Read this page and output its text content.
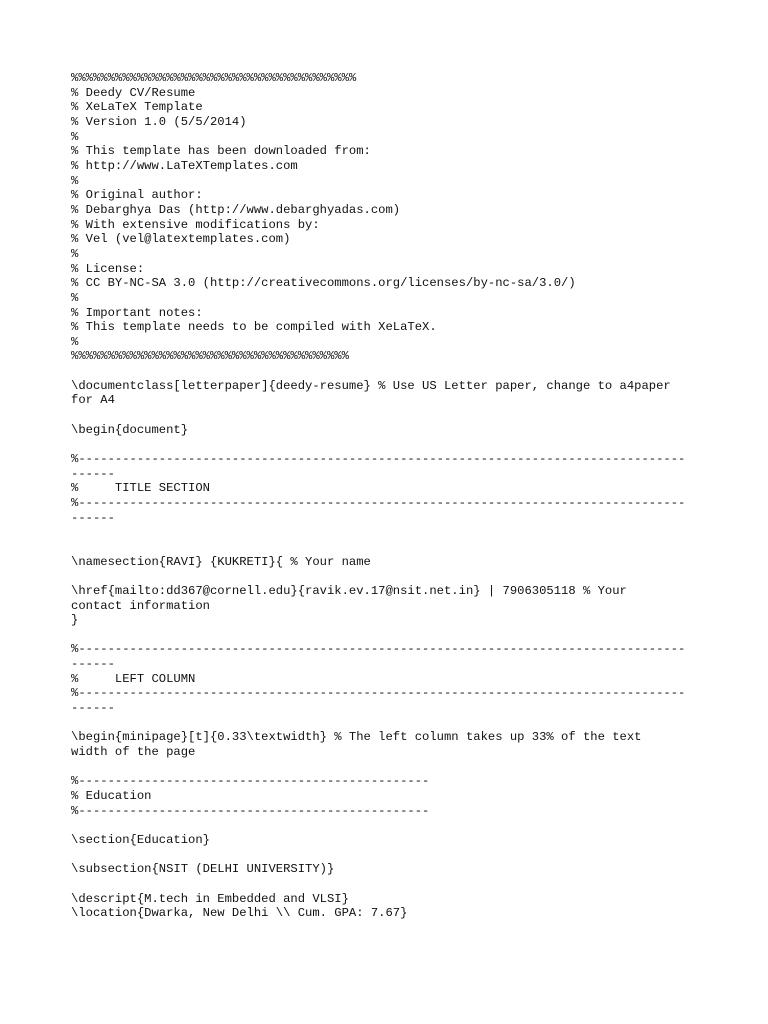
%%%%%%%%%%%%%%%%%%%%%%%%%%%%%%%%%%%%%%%
% Deedy CV/Resume
% XeLaTeX Template
% Version 1.0 (5/5/2014)
%
% This template has been downloaded from:
% http://www.LaTeXTemplates.com
%
% Original author:
% Debarghya Das (http://www.debarghyadas.com)
% With extensive modifications by:
% Vel (vel@latextemplates.com)
%
% License:
% CC BY-NC-SA 3.0 (http://creativecommons.org/licenses/by-nc-sa/3.0/)
%
% Important notes:
% This template needs to be compiled with XeLaTeX.
%
%%%%%%%%%%%%%%%%%%%%%%%%%%%%%%%%%%%%%%
\documentclass[letterpaper]{deedy-resume} % Use US Letter paper, change to a4paper
for A4
\begin{document}
%-----------------------------------------------------------------------------------
------
%     TITLE SECTION
%-----------------------------------------------------------------------------------
------
\namesection{RAVI} {KUKRETI}{ % Your name
\href{mailto:dd367@cornell.edu}{ravik.ev.17@nsit.net.in} | 7906305118 % Your
contact information
}
%-----------------------------------------------------------------------------------
------
%     LEFT COLUMN
%-----------------------------------------------------------------------------------
------
\begin{minipage}[t]{0.33\textwidth} % The left column takes up 33% of the text
width of the page
%------------------------------------------------
% Education
%------------------------------------------------
\section{Education}
\subsection{NSIT (DELHI UNIVERSITY)}
\descript{M.tech in Embedded and VLSI}
\location{Dwarka, New Delhi \\ Cum. GPA: 7.67}
